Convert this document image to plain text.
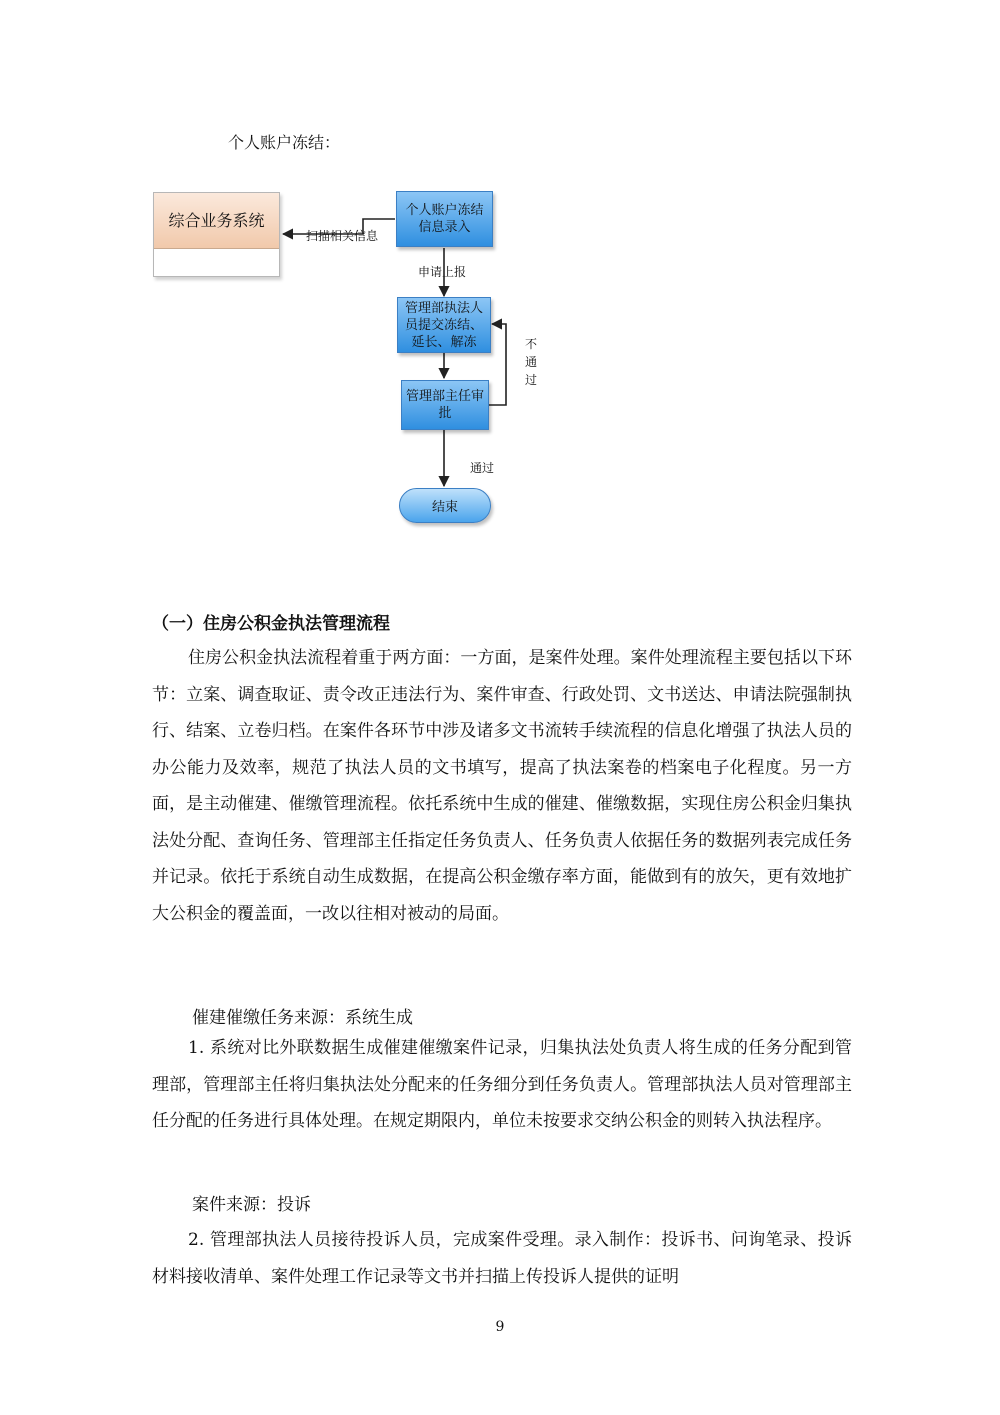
个人账户冻结：
综合业务系统
个人账户冻结信息录入
管理部执法人员提交冻结、延长、解冻
管理部主任审批
结束
扫描相关信息
申请上报
不通过
通过
（一）住房公积金执法管理流程

住房公积金执法流程着重于两方面：一方面，是案件处理。案件处理流程主要包括以下环节：立案、调查取证、责令改正违法行为、案件审查、行政处罚、文书送达、申请法院强制执行、结案、立卷归档。在案件各环节中涉及诸多文书流转手续流程的信息化增强了执法人员的办公能力及效率，规范了执法人员的文书填写，提高了执法案卷的档案电子化程度。另一方面，是主动催建、催缴管理流程。依托系统中生成的催建、催缴数据，实现住房公积金归集执法处分配、查询任务、管理部主任指定任务负责人、任务负责人依据任务的数据列表完成任务并记录。依托于系统自动生成数据，在提高公积金缴存率方面，能做到有的放矢，更有效地扩大公积金的覆盖面，一改以往相对被动的局面。

催建催缴任务来源：系统生成

1. 系统对比外联数据生成催建催缴案件记录，归集执法处负责人将生成的任务分配到管理部，管理部主任将归集执法处分配来的任务细分到任务负责人。管理部执法人员对管理部主任分配的任务进行具体处理。在规定期限内，单位未按要求交纳公积金的则转入执法程序。

案件来源：投诉

2. 管理部执法人员接待投诉人员，完成案件受理。录入制作：投诉书、问询笔录、投诉材料接收清单、案件处理工作记录等文书并扫描上传投诉人提供的证明

9
